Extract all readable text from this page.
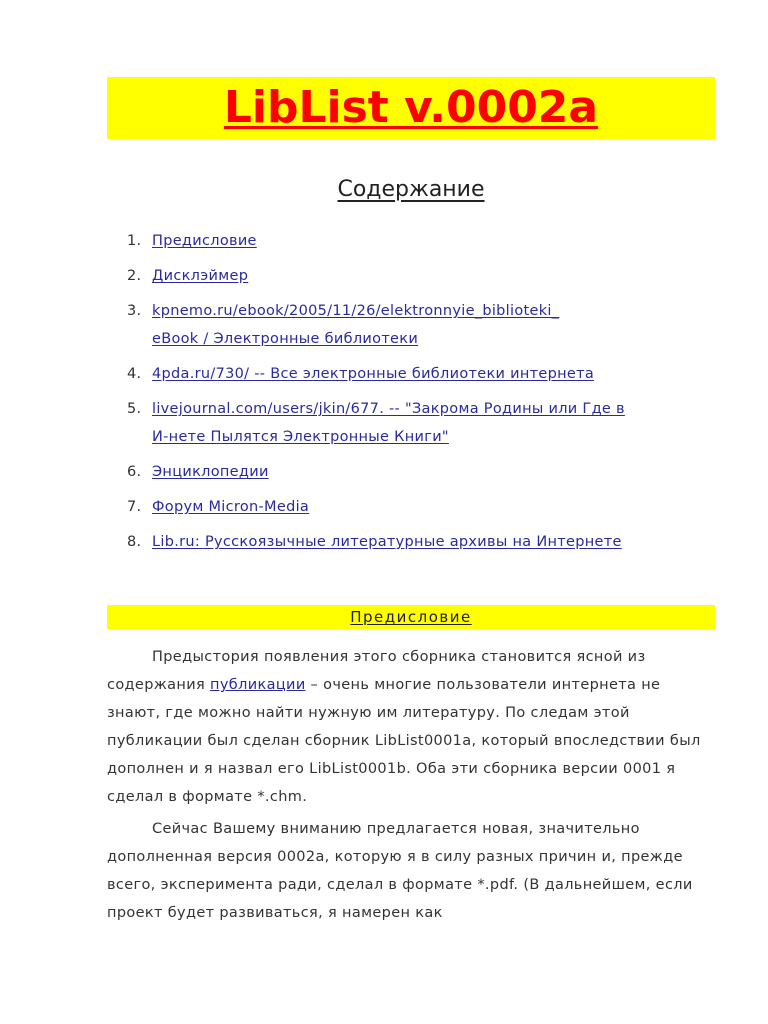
LibList v.0002a
Содержание
1. Предисловие
2. Дисклэймер
3. kpnemo.ru/ebook/2005/11/26/elektronnyie_biblioteki_
eBook / Электронные библиотеки
4. 4pda.ru/730/ -- Все электронные библиотеки интернета
5. livejournal.com/users/jkin/677. -- "Закрома Родины или Где в
И-нете Пылятся Электронные Книги"
6. Энциклопедии
7. Форум Micron-Media
8. Lib.ru: Русскоязычные литературные архивы на Интернете
Предисловие

Предыстория появления этого сборника становится ясной из содержания публикации – очень многие пользователи интернета не знают, где можно найти нужную им литературу. По следам этой публикации был сделан сборник LibList0001a, который впоследствии был дополнен и я назвал его LibList0001b. Оба эти сборника версии 0001 я сделал в формате *.chm.

Сейчас Вашему вниманию предлагается новая, значительно дополненная версия 0002a, которую я в силу разных причин и, прежде всего, эксперимента ради, сделал в формате *.pdf. (В дальнейшем, если проект будет развиваться, я намерен как
